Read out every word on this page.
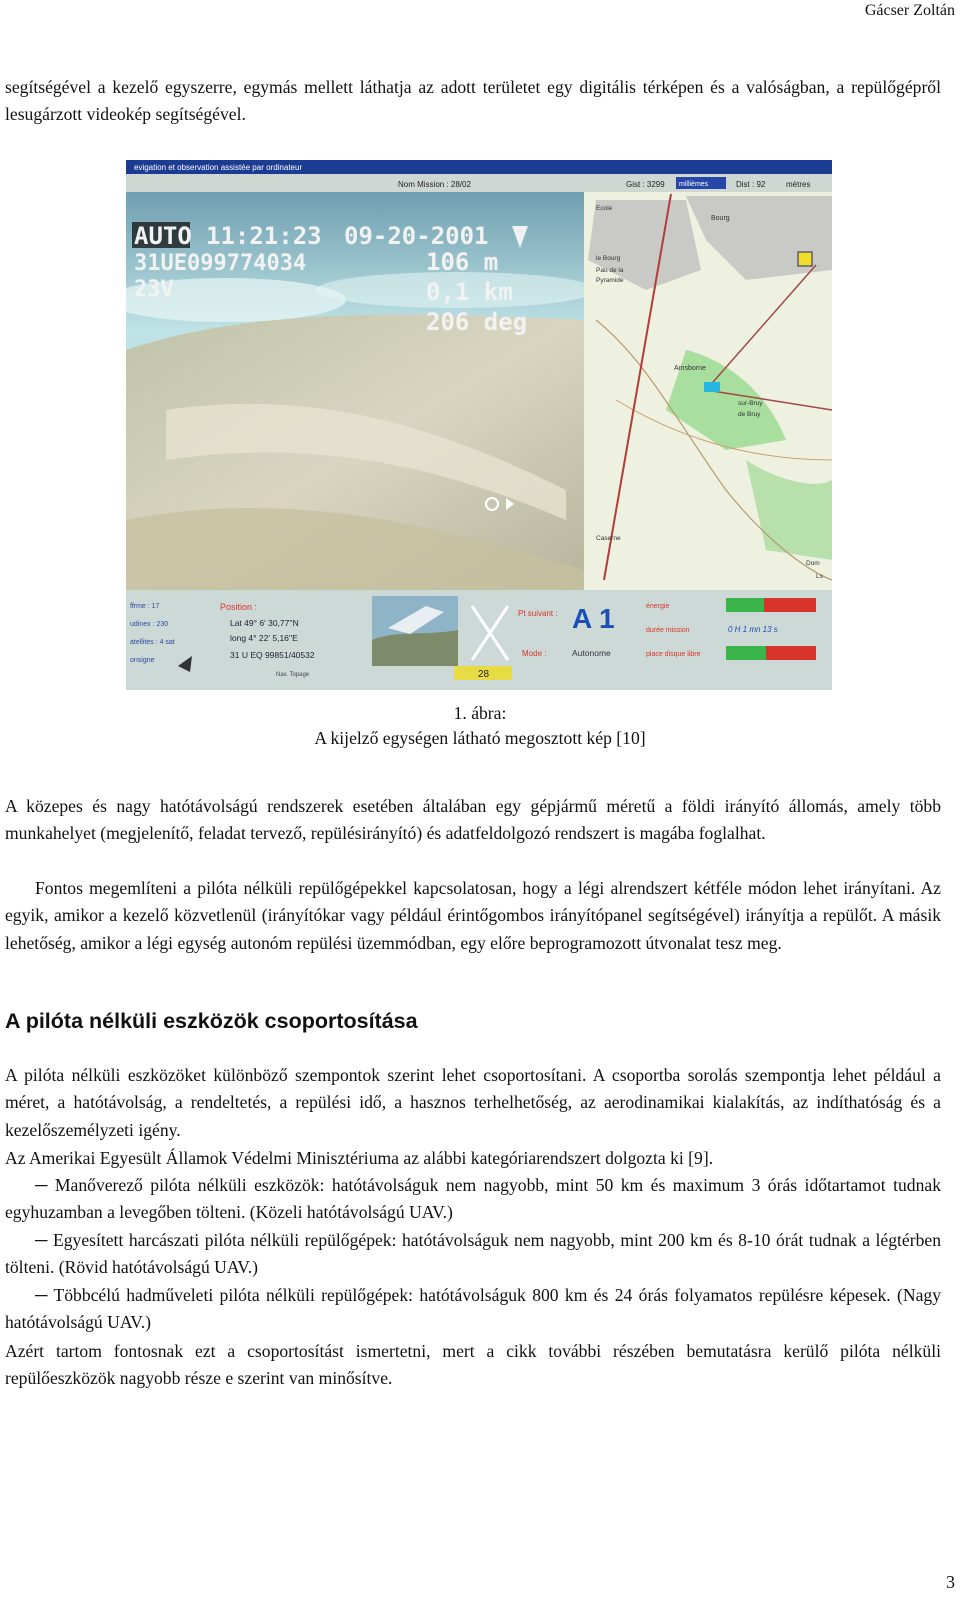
Gácser Zoltán

segítségével a kezelő egyszerre, egymás mellett láthatja az adott területet egy digitális térképen és a valóságban, a repülőgépről lesugárzott videokép segítségével.

evigation et observation assistée par ordinateur
Nom Mission : 28/02	Gist : 3299 millièmes	Dist : 92	mètres
AUTO 11:21:23 09-20-2001
31UE099774034
23V
106 m
0,1 km
206 deg
Ecole
Bourg
le Bourg
Pau de la
Pyramide
Amsborne
sur-Bruy
de Bruy
Caserne
Dom
Ls
ffrme : 17
udinex : 230
atellites : 4 sat
onsigne
Position :
Lat 49° 6' 30,77''N
long 4° 22' 5,16''E
31 U EQ 99851/40532
Nav. Topage	28
Pt suivant : A 1
Mode :	Autonome
énergie
durée mission	0 H 1 mn 13 s
place disque libre
1. ábra:
A kijelző egységen látható megosztott kép [10]

A közepes és nagy hatótávolságú rendszerek esetében általában egy gépjármű méretű a földi irányító állomás, amely több munkahelyet (megjelenítő, feladat tervező, repülésirányító) és adatfeldolgozó rendszert is magába foglalhat.

Fontos megemlíteni a pilóta nélküli repülőgépekkel kapcsolatosan, hogy a légi alrendszert kétféle módon lehet irányítani. Az egyik, amikor a kezelő közvetlenül (irányítókar vagy például érintőgombos irányítópanel segítségével) irányítja a repülőt. A másik lehetőség, amikor a légi egység autonóm repülési üzemmódban, egy előre beprogramozott útvonalat tesz meg.

A pilóta nélküli eszközök csoportosítása

A pilóta nélküli eszközöket különböző szempontok szerint lehet csoportosítani. A csoportba sorolás szempontja lehet például a méret, a hatótávolság, a rendeltetés, a repülési idő, a hasznos terhelhetőség, az aerodinamikai kialakítás, az indíthatóság és a kezelőszemélyzeti igény.

Az Amerikai Egyesült Államok Védelmi Minisztériuma az alábbi kategóriarendszert dolgozta ki [9].

─ Manőverező pilóta nélküli eszközök: hatótávolságuk nem nagyobb, mint 50 km és maximum 3 órás időtartamot tudnak egyhuzamban a levegőben tölteni. (Közeli hatótávolságú UAV.)

─ Egyesített harcászati pilóta nélküli repülőgépek: hatótávolságuk nem nagyobb, mint 200 km és 8-10 órát tudnak a légtérben tölteni. (Rövid hatótávolságú UAV.)

─ Többcélú hadműveleti pilóta nélküli repülőgépek: hatótávolságuk 800 km és 24 órás folyamatos repülésre képesek. (Nagy hatótávolságú UAV.)

Azért tartom fontosnak ezt a csoportosítást ismertetni, mert a cikk további részében bemutatásra kerülő pilóta nélküli repülőeszközök nagyobb része e szerint van minősítve.

3
